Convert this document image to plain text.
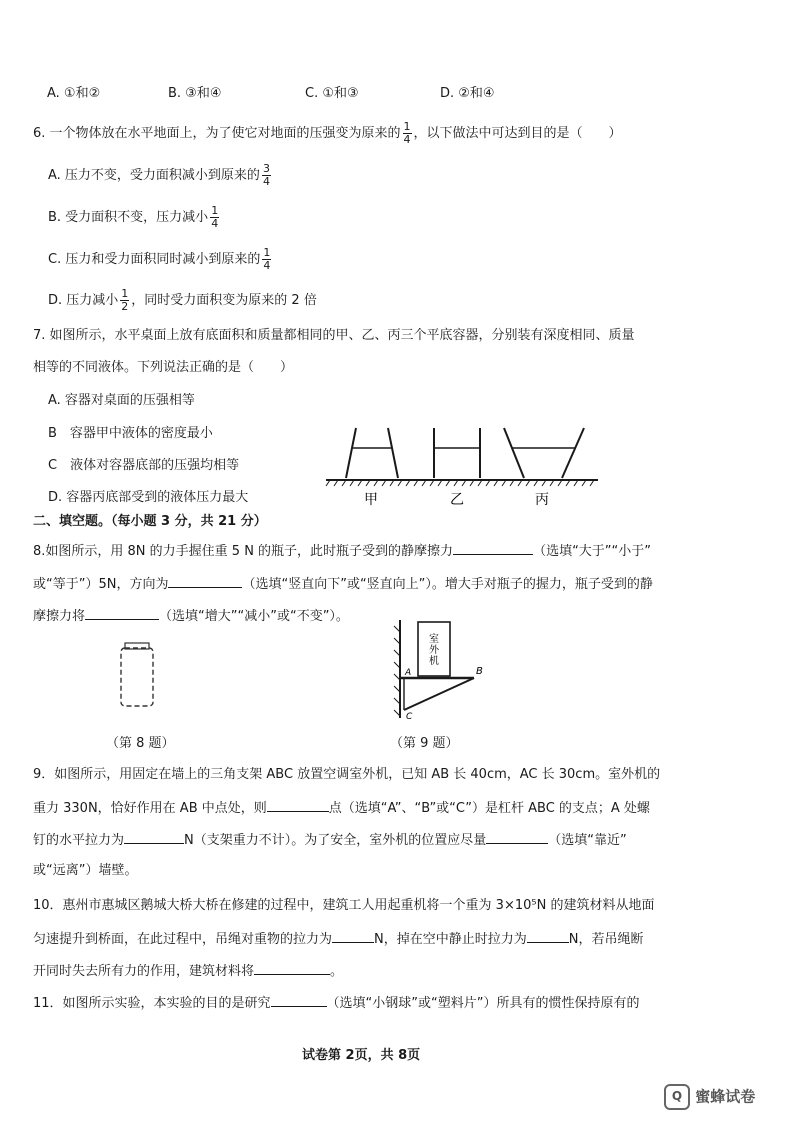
A. ①和②	B. ③和④	C. ①和③	D. ②和④
6. 一个物体放在水平地面上，为了使它对地面的压强变为原来的 $\frac{1}{4}$ ，以下做法中可达到目的是（　　）
A. 压力不变，受力面积减小到原来的 $\frac{3}{4}$
B. 受力面积不变，压力减小 $\frac{1}{4}$
C. 压力和受力面积同时减小到原来的 $\frac{1}{4}$
D. 压力减小 $\frac{1}{2}$ ，同时受力面积变为原来的 2 倍
7. 如图所示，水平桌面上放有底面积和质量都相同的甲、乙、丙三个平底容器，分别装有深度相同、质量
相等的不同液体。下列说法正确的是（　　）
A. 容器对桌面的压强相等
B　容器甲中液体的密度最小
C　液体对容器底部的压强均相等
D. 容器丙底部受到的液体压力最大	甲	乙	丙
二、填空题。（每小题 3 分，共 21 分）
8.如图所示，用 8N 的力手握住重 5 N 的瓶子，此时瓶子受到的静摩擦力	（选填“大于”“小于”
或“等于”）5N，方向为	（选填“竖直向下”或“竖直向上”）。增大手对瓶子的握力，瓶子受到的静
摩擦力将	（选填“增大”“减小”或“不变”）。
（第 8 题）
室外机
B
A
C
（第 9 题）
9．如图所示，用固定在墙上的三角支架 ABC 放置空调室外机，已知 AB 长 40cm，AC 长 30cm。室外机的
重力 330N，恰好作用在 AB 中点处，则	点（选填“A”、“B”或“C”）是杠杆 ABC 的支点；A 处螺
钉的水平拉力为	N（支架重力不计）。为了安全，室外机的位置应尽量	（选填“靠近”
或“远离”）墙壁。
10．惠州市惠城区鹅城大桥大桥在修建的过程中，建筑工人用起重机将一个重为 3×10⁵N 的建筑材料从地面
匀速提升到桥面，在此过程中，吊绳对重物的拉力为	N，掉在空中静止时拉力为	N，若吊绳断
开同时失去所有力的作用，建筑材料将	。
11．如图所示实验，本实验的目的是研究	（选填“小钢球”或“塑料片”）所具有的惯性保持原有的
试卷第 2页，共 8页
Q 蜜蜂试卷
